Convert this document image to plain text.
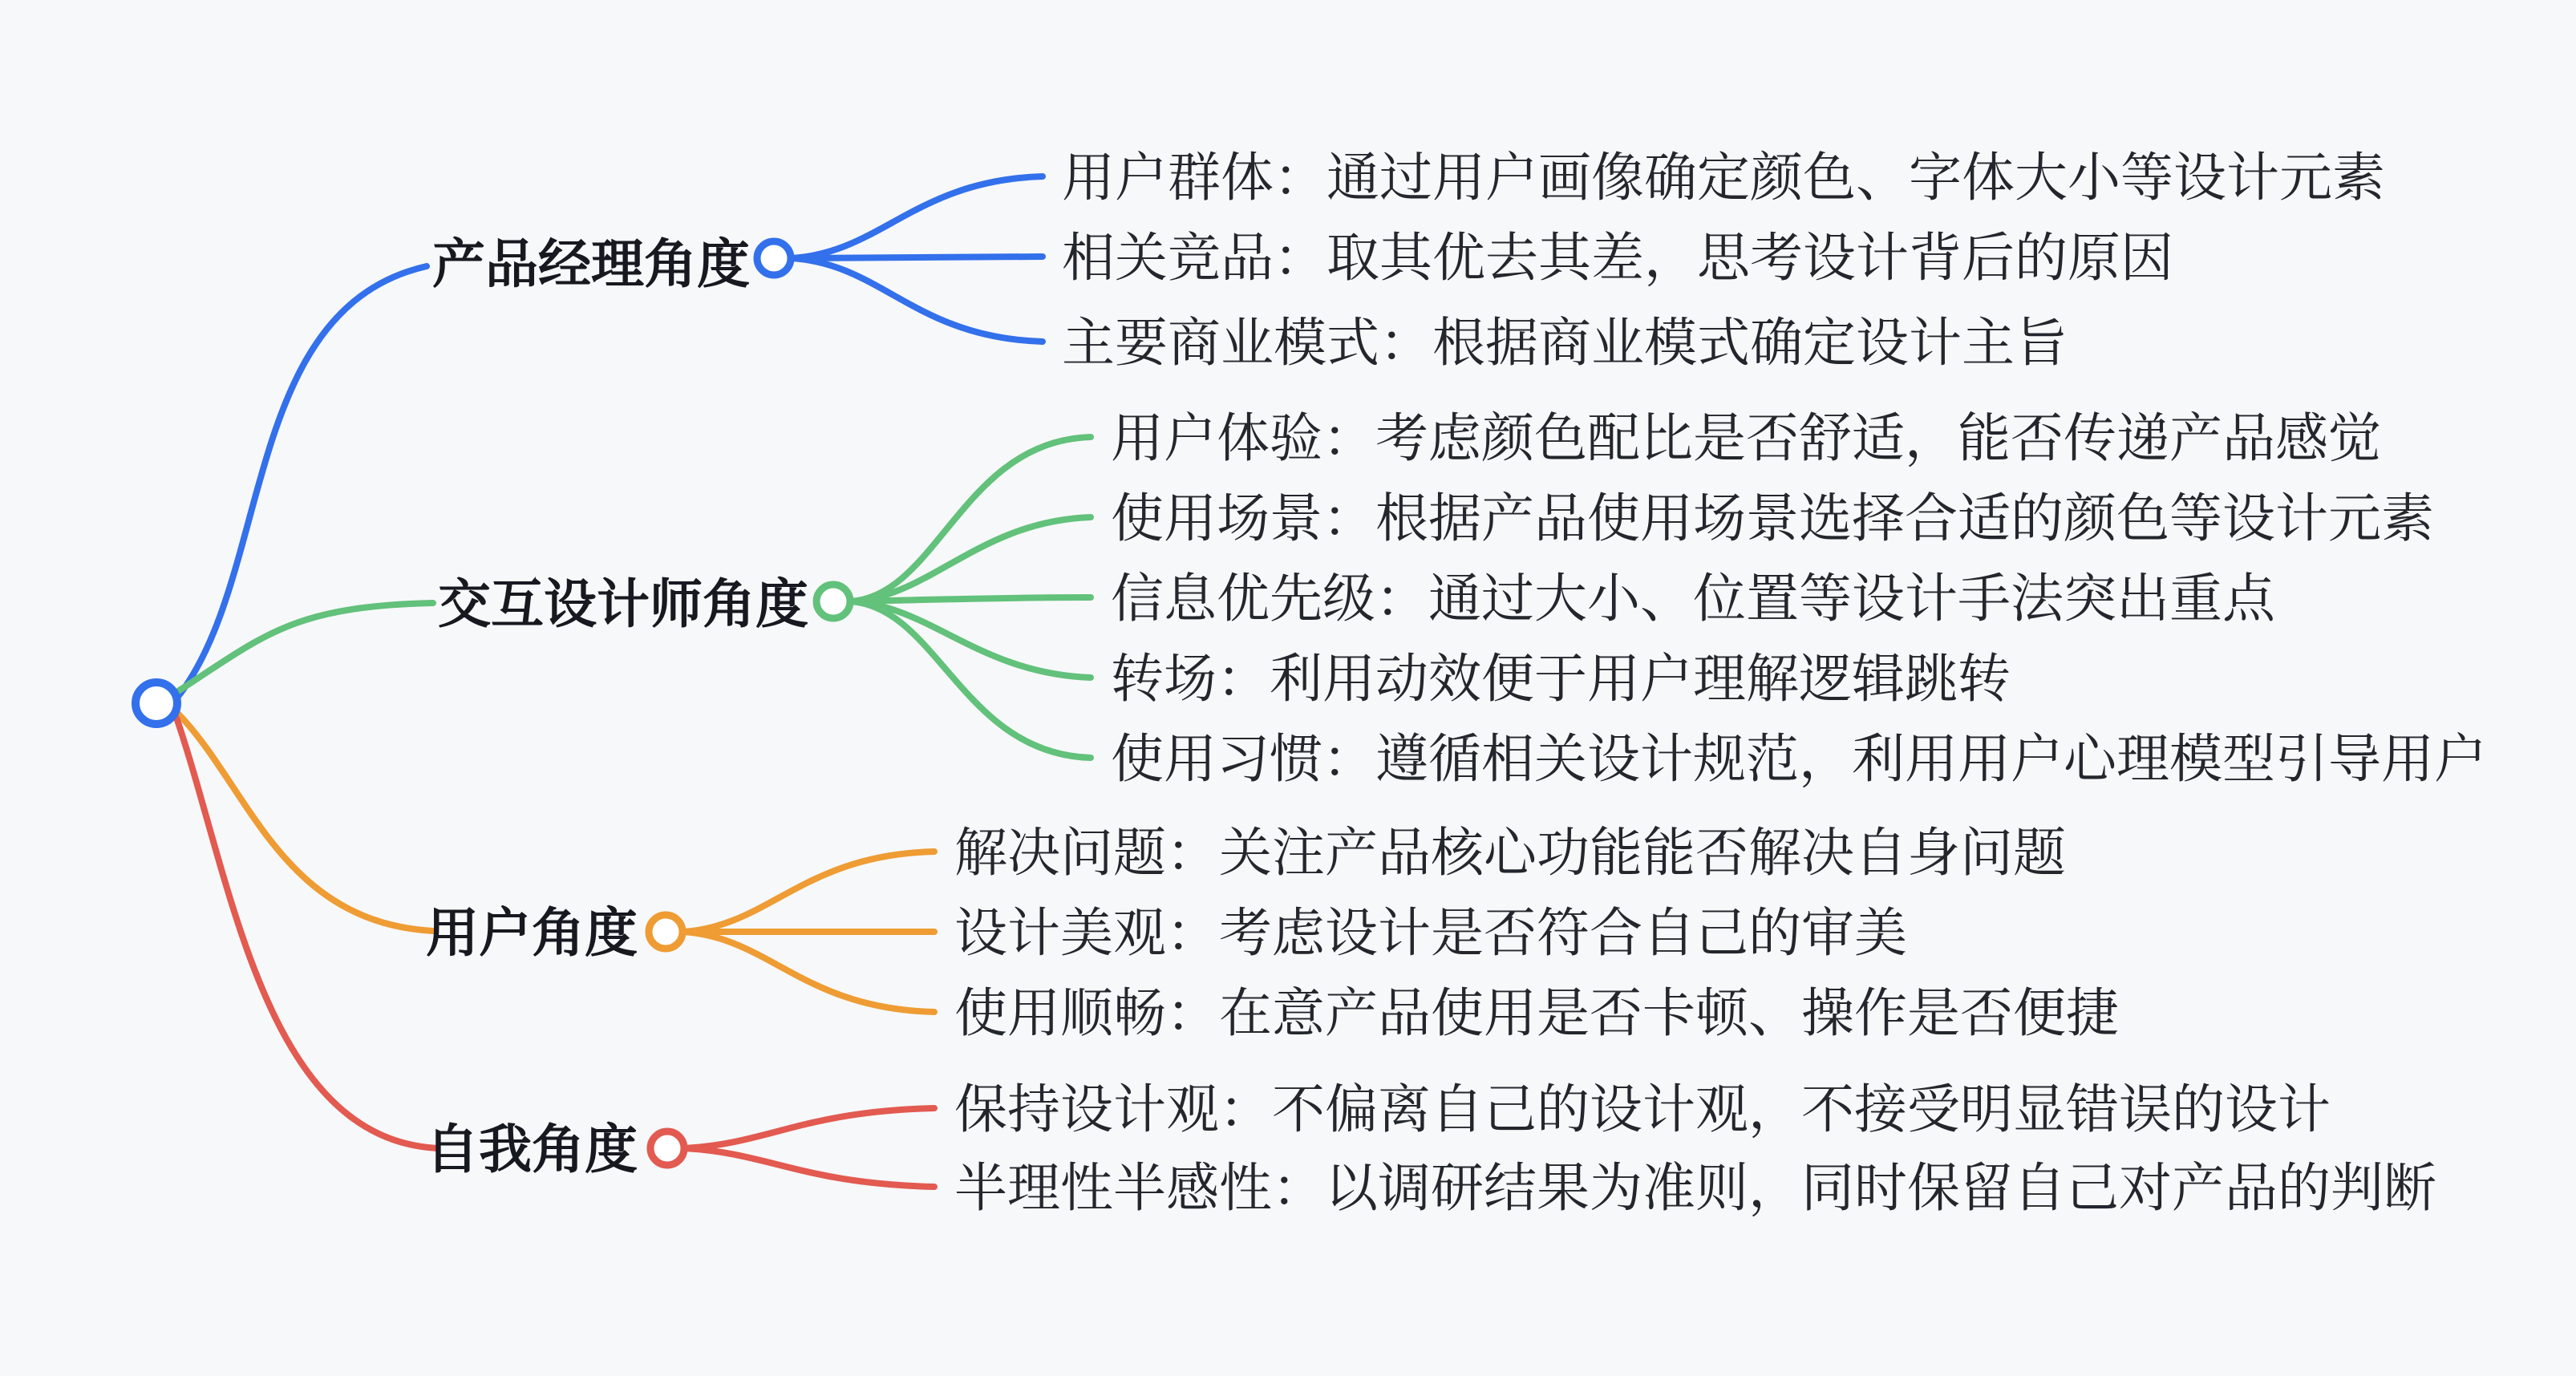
产品经理角度
用户群体：通过用户画像确定颜色、字体大小等设计元素
相关竞品：取其优去其差，思考设计背后的原因
主要商业模式：根据商业模式确定设计主旨
交互设计师角度
用户体验：考虑颜色配比是否舒适，能否传递产品感觉
使用场景：根据产品使用场景选择合适的颜色等设计元素
信息优先级：通过大小、位置等设计手法突出重点
转场：利用动效便于用户理解逻辑跳转
使用习惯：遵循相关设计规范，利用用户心理模型引导用户
用户角度
解决问题：关注产品核心功能能否解决自身问题
设计美观：考虑设计是否符合自己的审美
使用顺畅：在意产品使用是否卡顿、操作是否便捷
自我角度
保持设计观：不偏离自己的设计观，不接受明显错误的设计
半理性半感性：以调研结果为准则，同时保留自己对产品的判断
